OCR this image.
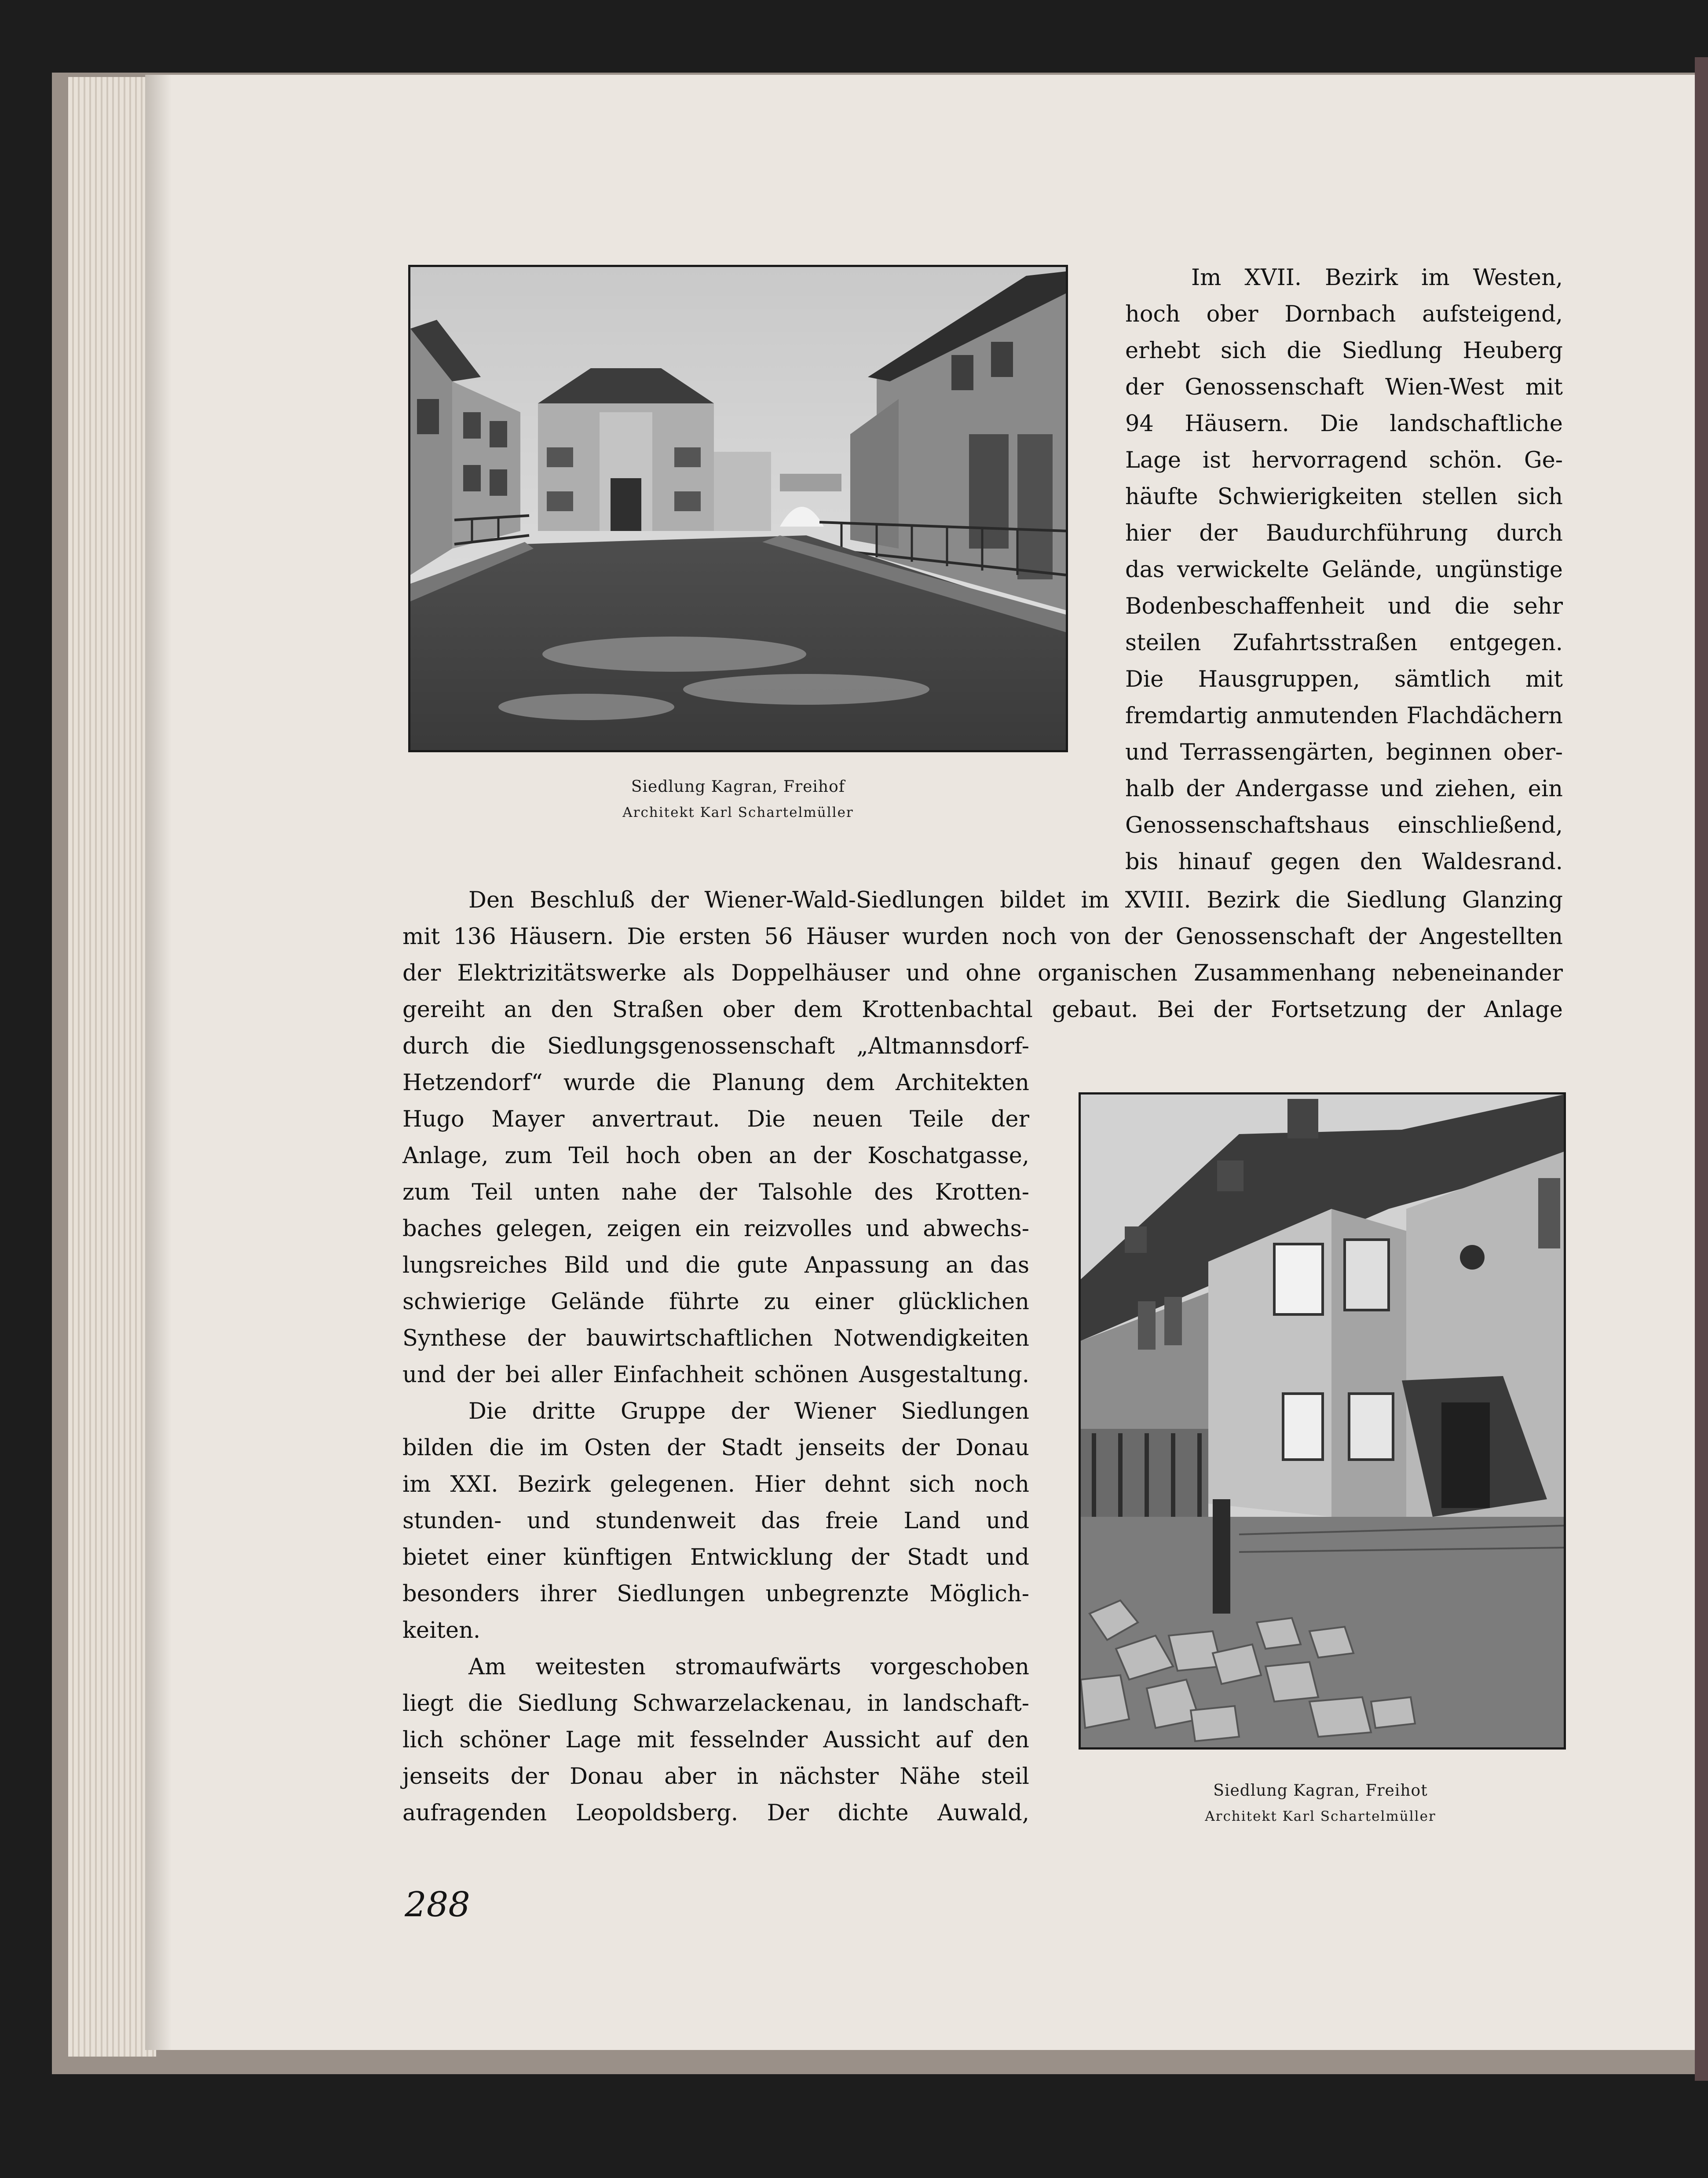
Siedlung Kagran, Freihof
Architekt Karl Schartelmüller
Siedlung Kagran, Freihot
Architekt Karl Schartelmüller
Im XVII. Bezirk im Westen,
hoch ober Dornbach aufsteigend,
erhebt sich die Siedlung Heuberg
der Genossenschaft Wien-West mit
94 Häusern. Die landschaftliche
Lage ist hervorragend schön. Ge-
häufte Schwierigkeiten stellen sich
hier der Baudurchführung durch
das verwickelte Gelände, ungünstige
Bodenbeschaffenheit und die sehr
steilen Zufahrtsstraßen entgegen.
Die Hausgruppen, sämtlich mit
fremdartig anmutenden Flachdächern
und Terrassengärten, beginnen ober-
halb der Andergasse und ziehen, ein
Genossenschaftshaus einschließend,
bis hinauf gegen den Waldesrand.
Den Beschluß der Wiener-Wald-Siedlungen bildet im XVIII. Bezirk die Siedlung Glanzing
mit 136 Häusern. Die ersten 56 Häuser wurden noch von der Genossenschaft der Angestellten
der Elektrizitätswerke als Doppelhäuser und ohne organischen Zusammenhang nebeneinander
gereiht an den Straßen ober dem Krottenbachtal gebaut. Bei der Fortsetzung der Anlage
durch die Siedlungsgenossenschaft „Altmannsdorf-
Hetzendorf“ wurde die Planung dem Architekten
Hugo Mayer anvertraut. Die neuen Teile der
Anlage, zum Teil hoch oben an der Koschatgasse,
zum Teil unten nahe der Talsohle des Krotten-
baches gelegen, zeigen ein reizvolles und abwechs-
lungsreiches Bild und die gute Anpassung an das
schwierige Gelände führte zu einer glücklichen
Synthese der bauwirtschaftlichen Notwendigkeiten
und der bei aller Einfachheit schönen Ausgestaltung.
Die dritte Gruppe der Wiener Siedlungen
bilden die im Osten der Stadt jenseits der Donau
im XXI. Bezirk gelegenen. Hier dehnt sich noch
stunden- und stundenweit das freie Land und
bietet einer künftigen Entwicklung der Stadt und
besonders ihrer Siedlungen unbegrenzte Möglich-
keiten.
Am weitesten stromaufwärts vorgeschoben
liegt die Siedlung Schwarzelackenau, in landschaft-
lich schöner Lage mit fesselnder Aussicht auf den
jenseits der Donau aber in nächster Nähe steil
aufragenden Leopoldsberg. Der dichte Auwald,
288
